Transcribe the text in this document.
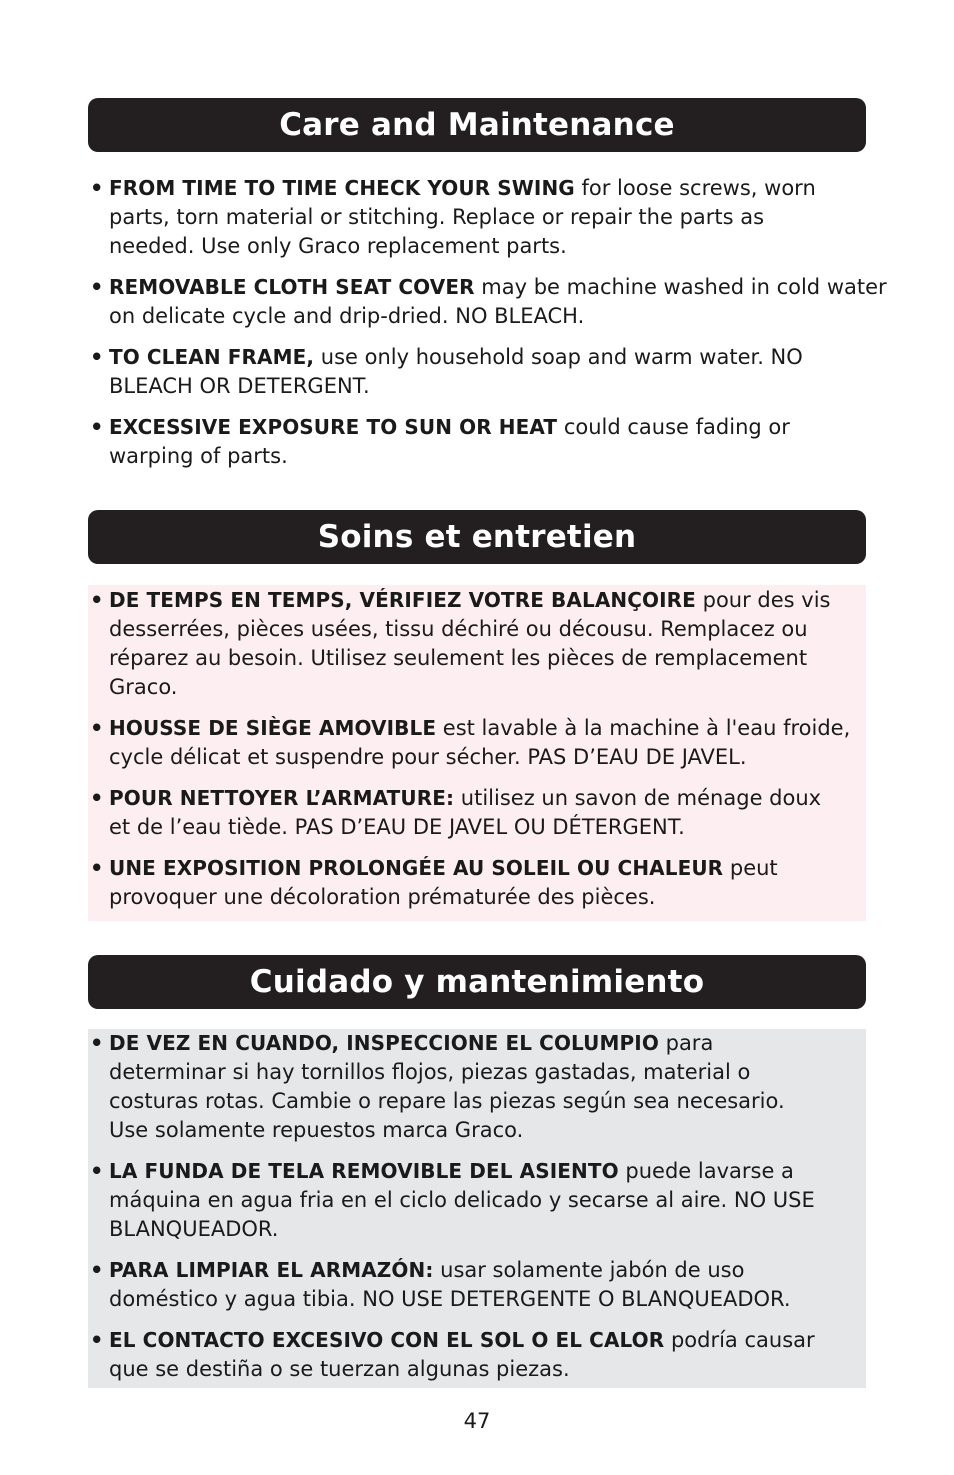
Care and Maintenance
• FROM TIME TO TIME CHECK YOUR SWING for loose screws, worn parts, torn material or stitching. Replace or repair the parts as needed. Use only Graco replacement parts.
• REMOVABLE CLOTH SEAT COVER may be machine washed in cold water on delicate cycle and drip-dried. NO BLEACH.
• TO CLEAN FRAME, use only household soap and warm water. NO BLEACH OR DETERGENT.
• EXCESSIVE EXPOSURE TO SUN OR HEAT could cause fading or warping of parts.
Soins et entretien
• DE TEMPS EN TEMPS, VÉRIFIEZ VOTRE BALANÇOIRE pour des vis desserrées, pièces usées, tissu déchiré ou décousu. Remplacez ou réparez au besoin. Utilisez seulement les pièces de remplacement Graco.
• HOUSSE DE SIÈGE AMOVIBLE est lavable à la machine à l'eau froide, cycle délicat et suspendre pour sécher. PAS D’EAU DE JAVEL.
• POUR NETTOYER L’ARMATURE: utilisez un savon de ménage doux et de l’eau tiède. PAS D’EAU DE JAVEL OU DÉTERGENT.
• UNE EXPOSITION PROLONGÉE AU SOLEIL OU CHALEUR peut provoquer une décoloration prématurée des pièces.
Cuidado y mantenimiento
• DE VEZ EN CUANDO, INSPECCIONE EL COLUMPIO para determinar si hay tornillos flojos, piezas gastadas, material o costuras rotas. Cambie o repare las piezas según sea necesario. Use solamente repuestos marca Graco.
• LA FUNDA DE TELA REMOVIBLE DEL ASIENTO puede lavarse a máquina en agua fria en el ciclo delicado y secarse al aire. NO USE BLANQUEADOR.
• PARA LIMPIAR EL ARMAZÓN: usar solamente jabón de uso doméstico y agua tibia. NO USE DETERGENTE O BLANQUEADOR.
• EL CONTACTO EXCESIVO CON EL SOL O EL CALOR podría causar que se destiña o se tuerzan algunas piezas.
47
